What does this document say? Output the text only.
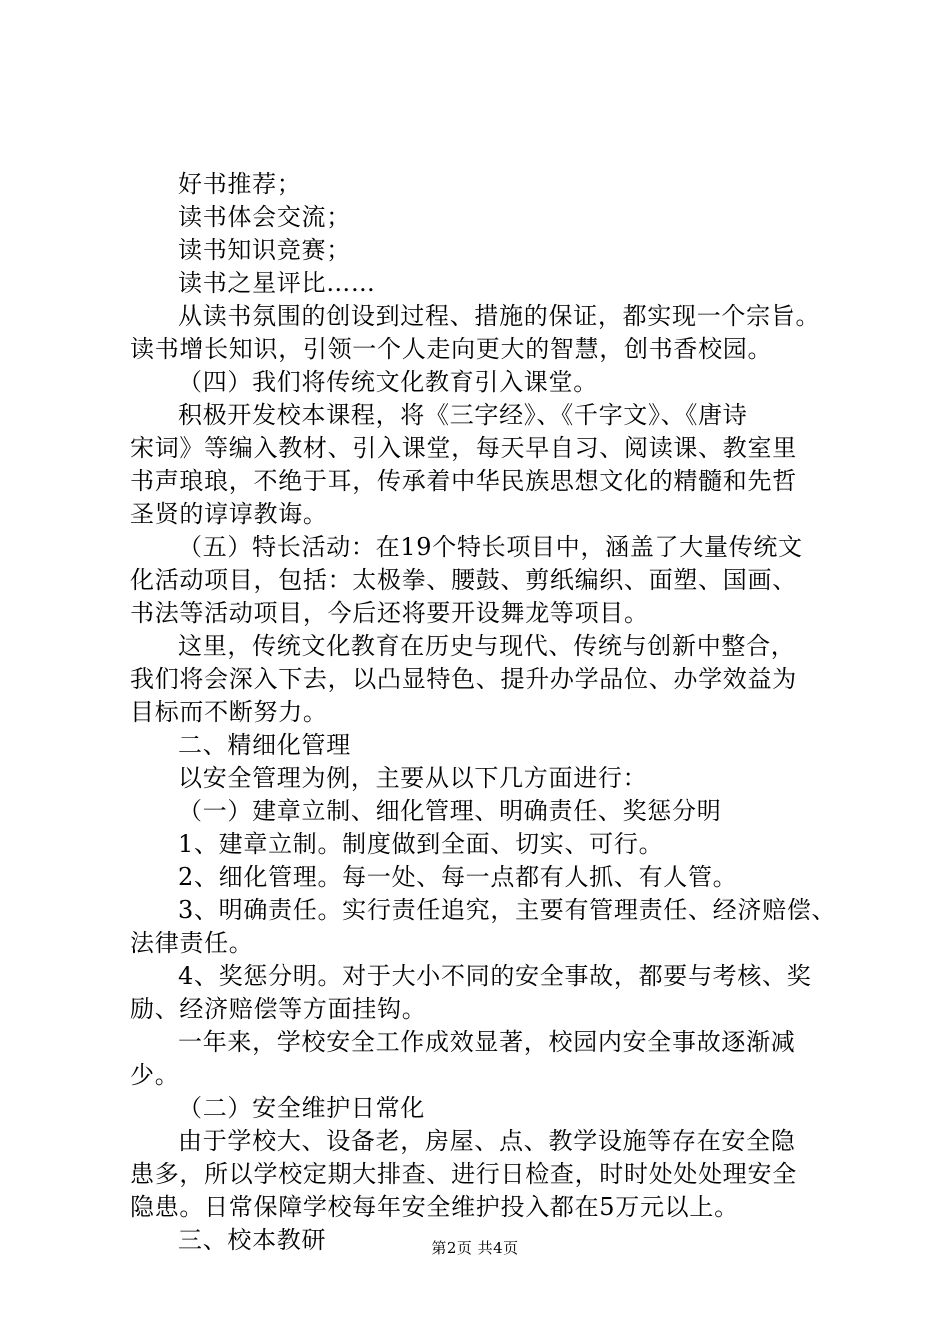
好书推荐；
读书体会交流；
读书知识竞赛；
读书之星评比……
从读书氛围的创设到过程、措施的保证，都实现一个宗旨。
读书增长知识，引领一个人走向更大的智慧，创书香校园。
（四）我们将传统文化教育引入课堂。
积极开发校本课程，将《三字经》、《千字文》、《唐诗
宋词》等编入教材、引入课堂，每天早自习、阅读课、教室里
书声琅琅，不绝于耳，传承着中华民族思想文化的精髓和先哲
圣贤的谆谆教诲。
（五）特长活动：在19个特长项目中，涵盖了大量传统文
化活动项目，包括：太极拳、腰鼓、剪纸编织、面塑、国画、
书法等活动项目，今后还将要开设舞龙等项目。
这里，传统文化教育在历史与现代、传统与创新中整合，
我们将会深入下去，以凸显特色、提升办学品位、办学效益为
目标而不断努力。
二、精细化管理
以安全管理为例，主要从以下几方面进行：
（一）建章立制、细化管理、明确责任、奖惩分明
1、建章立制。制度做到全面、切实、可行。
2、细化管理。每一处、每一点都有人抓、有人管。
3、明确责任。实行责任追究，主要有管理责任、经济赔偿、
法律责任。
4、奖惩分明。对于大小不同的安全事故，都要与考核、奖
励、经济赔偿等方面挂钩。
一年来，学校安全工作成效显著，校园内安全事故逐渐减
少。
（二）安全维护日常化
由于学校大、设备老，房屋、点、教学设施等存在安全隐
患多，所以学校定期大排查、进行日检查，时时处处处理安全
隐患。日常保障学校每年安全维护投入都在5万元以上。
三、校本教研	第2页 共4页
